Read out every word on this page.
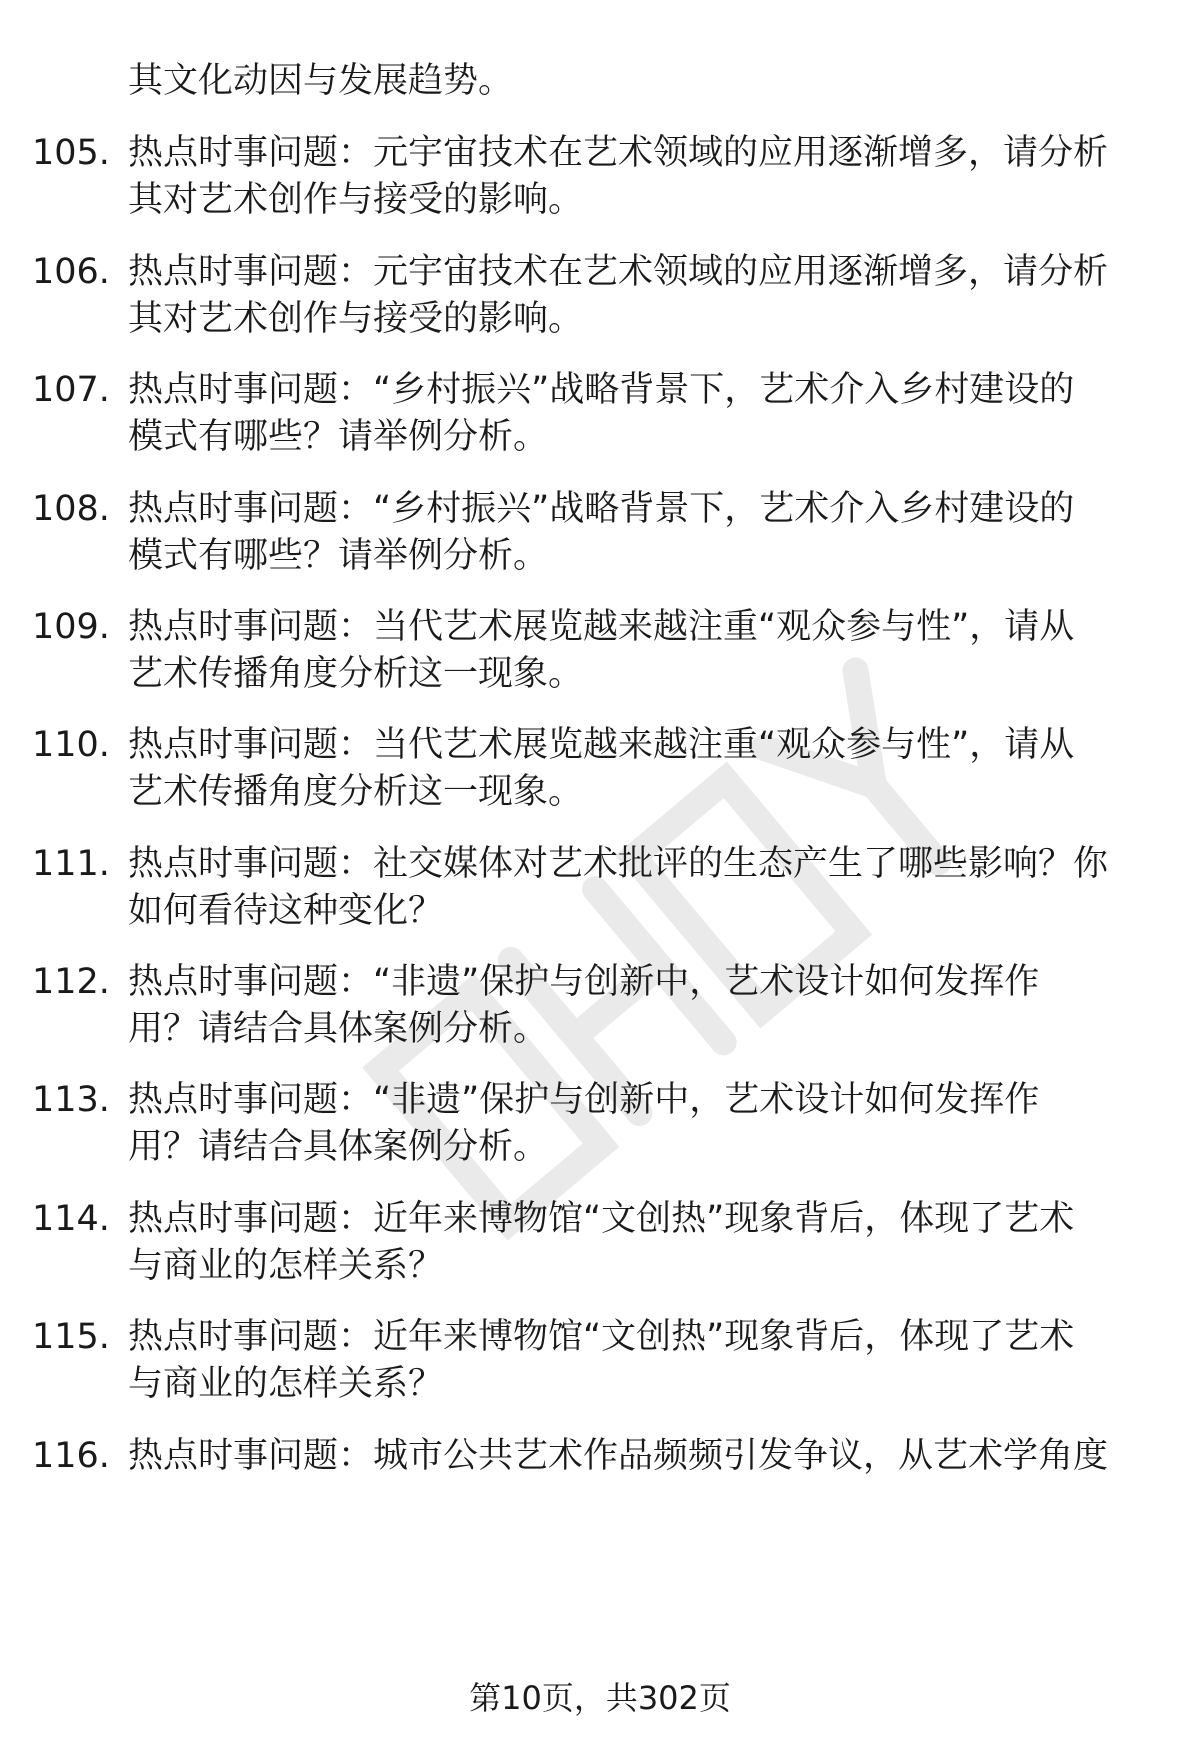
其文化动因与发展趋势。
105. 热点时事问题：元宇宙技术在艺术领域的应用逐渐增多，请分析
其对艺术创作与接受的影响。
106. 热点时事问题：元宇宙技术在艺术领域的应用逐渐增多，请分析
其对艺术创作与接受的影响。
107. 热点时事问题：“乡村振兴”战略背景下，艺术介入乡村建设的
模式有哪些？请举例分析。
108. 热点时事问题：“乡村振兴”战略背景下，艺术介入乡村建设的
模式有哪些？请举例分析。
109. 热点时事问题：当代艺术展览越来越注重“观众参与性”，请从
艺术传播角度分析这一现象。
110. 热点时事问题：当代艺术展览越来越注重“观众参与性”，请从
艺术传播角度分析这一现象。
111. 热点时事问题：社交媒体对艺术批评的生态产生了哪些影响？你
如何看待这种变化？
112. 热点时事问题：“非遗”保护与创新中，艺术设计如何发挥作
用？请结合具体案例分析。
113. 热点时事问题：“非遗”保护与创新中，艺术设计如何发挥作
用？请结合具体案例分析。
114. 热点时事问题：近年来博物馆“文创热”现象背后，体现了艺术
与商业的怎样关系？
115. 热点时事问题：近年来博物馆“文创热”现象背后，体现了艺术
与商业的怎样关系？
116. 热点时事问题：城市公共艺术作品频频引发争议，从艺术学角度
第10页，共302页
